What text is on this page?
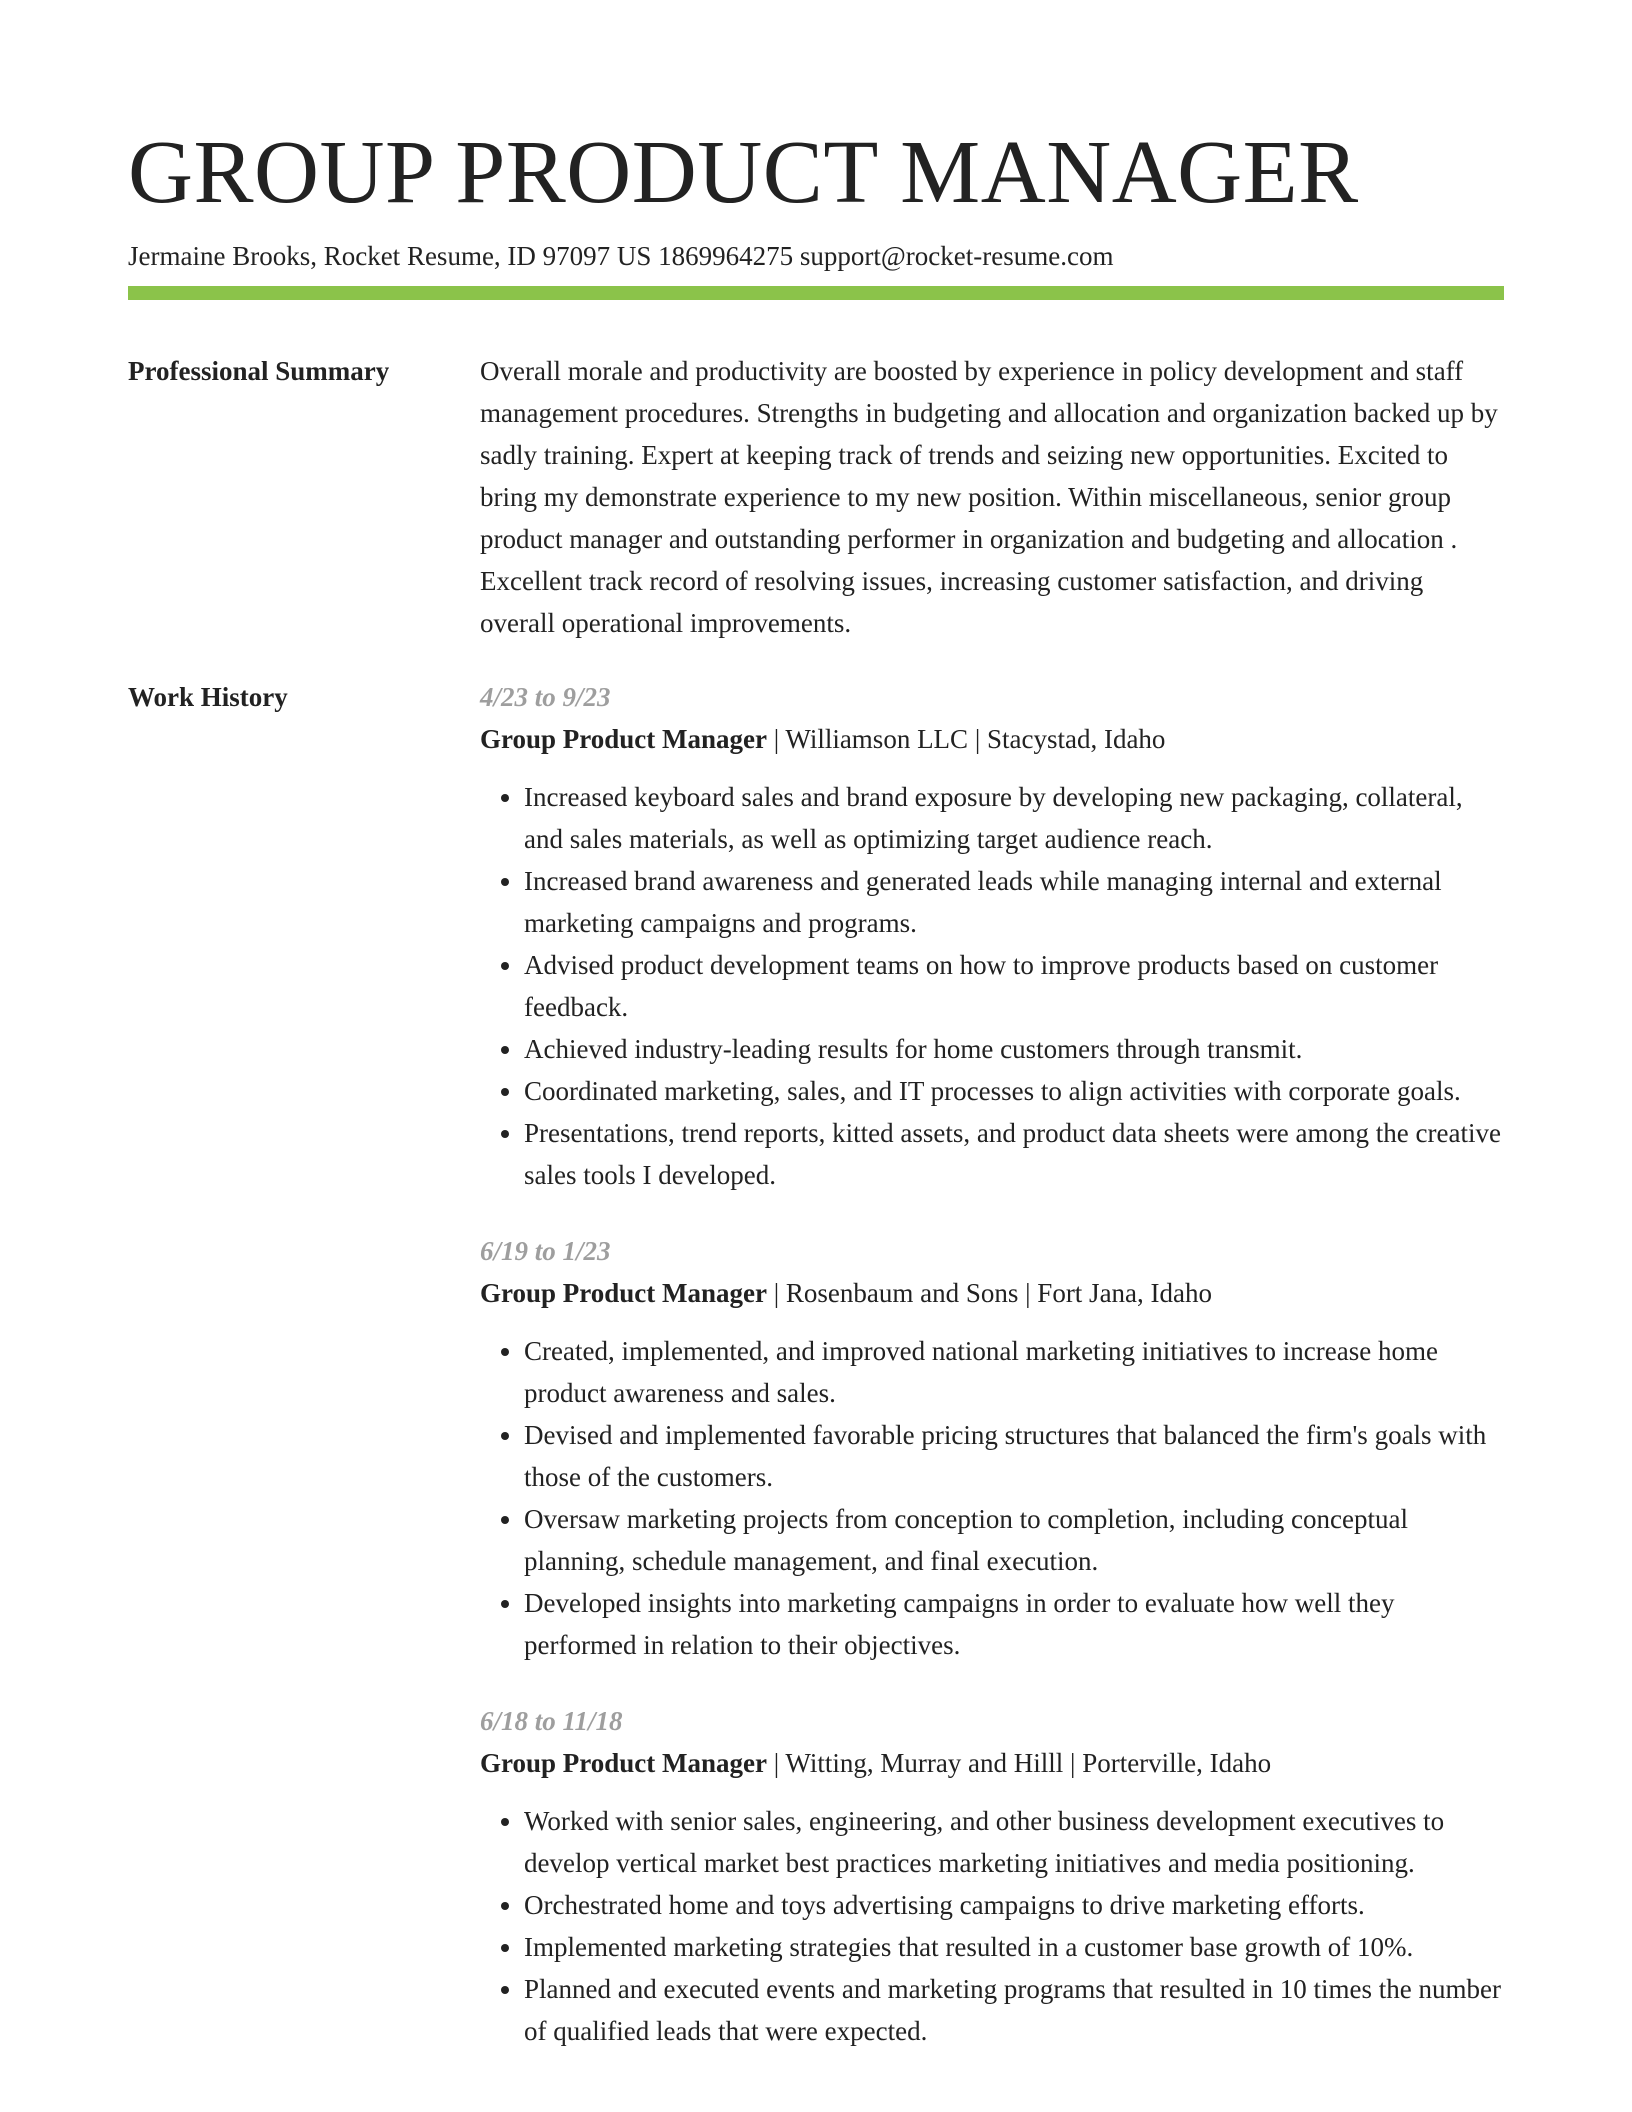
GROUP PRODUCT MANAGER
Jermaine Brooks, Rocket Resume, ID 97097 US 1869964275 support@rocket-resume.com
Professional Summary	Overall morale and productivity are boosted by experience in policy development and staff management procedures. Strengths in budgeting and allocation and organization backed up by sadly training. Expert at keeping track of trends and seizing new opportunities. Excited to bring my demonstrate experience to my new position. Within miscellaneous, senior group product manager and outstanding performer in organization and budgeting and allocation . Excellent track record of resolving issues, increasing customer satisfaction, and driving overall operational improvements.

Work History	4/23 to 9/23
Group Product Manager | Williamson LLC | Stacystad, Idaho
• Increased keyboard sales and brand exposure by developing new packaging, collateral, and sales materials, as well as optimizing target audience reach.
• Increased brand awareness and generated leads while managing internal and external marketing campaigns and programs.
• Advised product development teams on how to improve products based on customer feedback.
• Achieved industry-leading results for home customers through transmit.
• Coordinated marketing, sales, and IT processes to align activities with corporate goals.
• Presentations, trend reports, kitted assets, and product data sheets were among the creative sales tools I developed.
6/19 to 1/23
Group Product Manager | Rosenbaum and Sons | Fort Jana, Idaho
• Created, implemented, and improved national marketing initiatives to increase home product awareness and sales.
• Devised and implemented favorable pricing structures that balanced the firm's goals with those of the customers.
• Oversaw marketing projects from conception to completion, including conceptual planning, schedule management, and final execution.
• Developed insights into marketing campaigns in order to evaluate how well they performed in relation to their objectives.
6/18 to 11/18
Group Product Manager | Witting, Murray and Hilll | Porterville, Idaho
• Worked with senior sales, engineering, and other business development executives to develop vertical market best practices marketing initiatives and media positioning.
• Orchestrated home and toys advertising campaigns to drive marketing efforts.
• Implemented marketing strategies that resulted in a customer base growth of 10%.
• Planned and executed events and marketing programs that resulted in 10 times the number of qualified leads that were expected.
